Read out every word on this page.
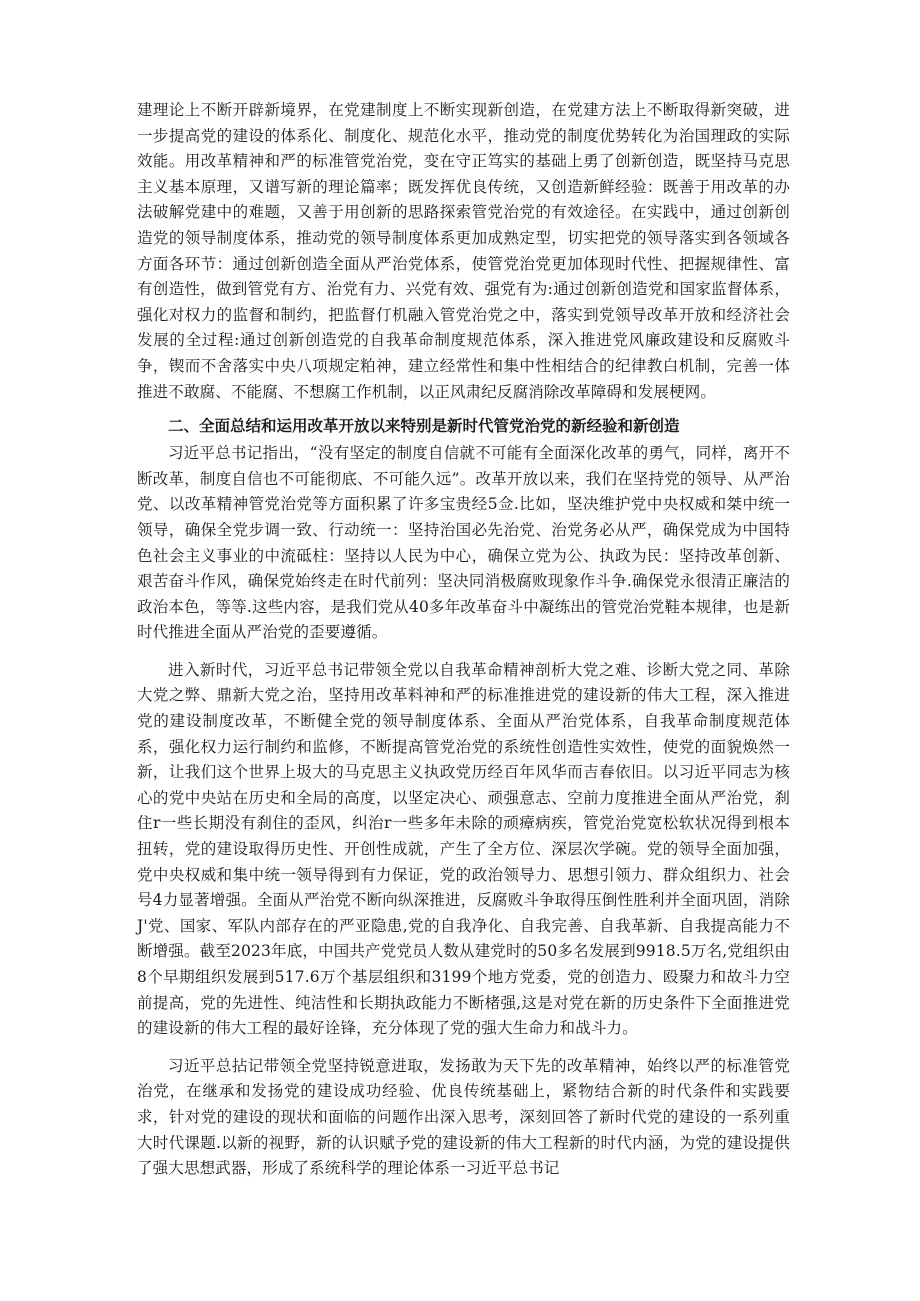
建理论上不断开辟新境界，在党建制度上不断实现新创造，在党建方法上不断取得新突破，进一步提高党的建设的体系化、制度化、规范化水平，推动党的制度优势转化为治国理政的实际效能。用改革精神和严的标准管党治党，变在守正笃实的基础上勇了创新创造，既坚持马克思主义基本原理，又谱写新的理论篇率；既发挥优良传统，又创造新鲜经验：既善于用改革的办法破解党建中的难题，又善于用创新的思路探索管党治党的有效途径。在实践中，通过创新创造党的领导制度体系，推动党的领导制度体系更加成熟定型，切实把党的领导落实到各领域各方面各环节：通过创新创造全面从严治党体系，使管党治党更加体现时代性、把握规律性、富有创造性，做到管党有方、治党有力、兴党有效、强党有为:通过创新创造党和国家监督体系，强化对权力的监督和制约，把监督仃机融入管党治党之中，落实到党领导改革开放和经济社会发展的全过程:通过创新创造党的自我革命制度规范体系，深入推进党风廉政建设和反腐败斗争，锲而不舍落实中央八项规定粕神，建立经常性和集中性相结合的纪律教白机制，完善一体推进不敢腐、不能腐、不想腐工作机制，以正风肃纪反腐消除改革障碍和发展梗网。

二、全面总结和运用改革开放以来特别是新时代管党治党的新经验和新创造

习近平总书记指出，“没有坚定的制度自信就不可能有全面深化改革的勇气，同样，离开不断改革，制度自信也不可能彻底、不可能久远”。改革开放以来，我们在坚持党的领导、从严治党、以改革精神管党治党等方面积累了许多宝贵经5佥.比如，坚决维护党中央权威和桀中统一领导，确保全党步调一致、行动统一：坚持治国必先治党、治党务必从严，确保党成为中国特色社会主义事业的中流砥柱：坚持以人民为中心，确保立党为公、执政为民：坚持改革创新、艰苦奋斗作风，确保党始终走在时代前列：坚决同消极腐败现象作斗争.确保党永很清正廉洁的政治本色，等等.这些内容，是我们党从40多年改革奋斗中凝练出的管党治党鞋本规律，也是新时代推进全面从严治党的歪要遵循。

进入新时代，习近平总书记带领全党以自我革命精神剖析大党之难、诊断大党之同、革除大党之弊、鼎新大党之治，坚持用改革料神和严的标准推进党的建设新的伟大工程，深入推进党的建设制度改革，不断健全党的领导制度体系、全面从严治党体系，自我革命制度规范体系，强化权力运行制约和监修，不断提高管党治党的系统性创造性实效性，使党的面貌焕然一新，让我们这个世界上圾大的马克思主义执政党历经百年风华而吉春依旧。以习近平同志为核心的党中央站在历史和全局的高度，以坚定决心、顽强意志、空前力度推进全面从严治党，刹住r一些长期没有刹住的歪风，纠治r一些多年未除的顽瘴病疾，管党治党宽松软状况得到根本扭转，党的建设取得历史性、开创性成就，产生了全方位、深层次学碗。党的领导全面加强，党中央权威和集中统一领导得到有力保证，党的政治领导力、思想引领力、群众组织力、社会号4力显著增强。全面从严治党不断向纵深推进，反腐败斗争取得压倒性胜利并全面巩固，消除J'党、国家、军队内部存在的严亚隐患,党的自我净化、自我完善、自我革新、自我提高能力不断增强。截至2023年底，中国共产党党员人数从建党时的50多名发展到9918.5万名,党组织由8个早期组织发展到517.6万个基层组织和3199个地方党委，党的创造力、殴聚力和故斗力空前提高，党的先进性、纯洁性和长期执政能力不断楮强,这是对党在新的历史条件下全面推进党的建设新的伟大工程的最好诠锋，充分体现了党的强大生命力和战斗力。

习近平总拈记带领全党坚持锐意进取，发扬敢为天下先的改革精神，始终以严的标准管党治党，在继承和发扬党的建设成功经验、优良传统基础上，紧物结合新的时代条件和实践要求，针对党的建设的现状和面临的问题作出深入思考，深刻回答了新时代党的建设的一系列重大时代课题.以新的视野，新的认识赋予党的建设新的伟大工程新的时代内涵，为党的建设提供了强大思想武器，形成了系统科学的理论体系一习近平总书记
